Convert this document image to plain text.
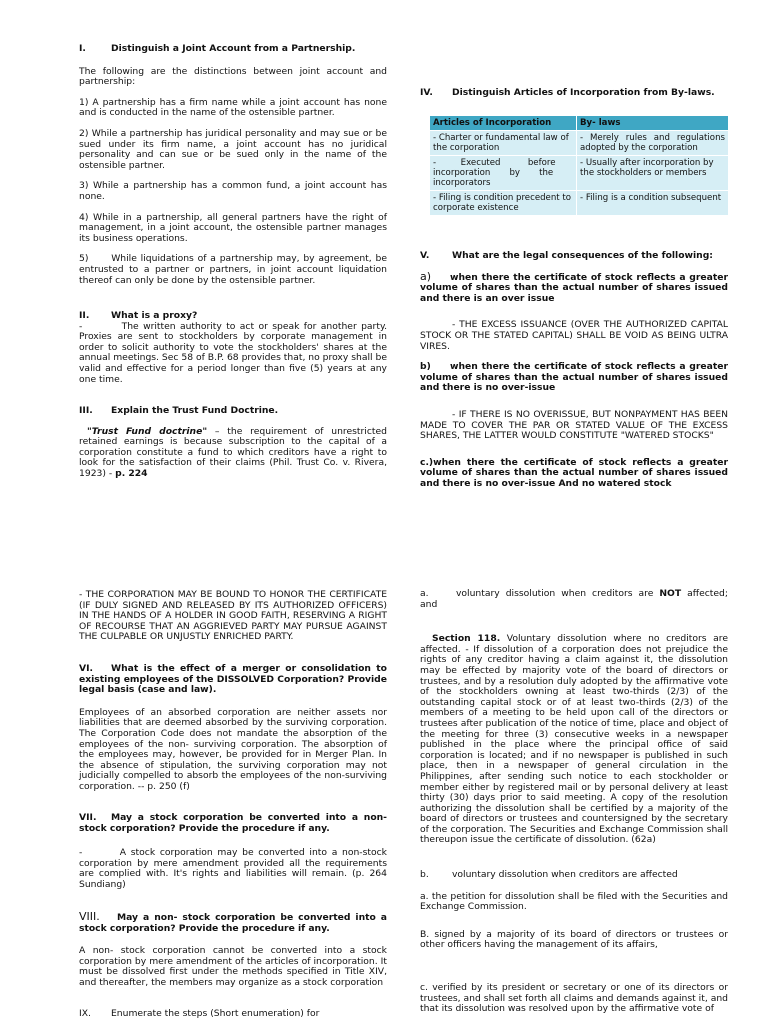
I.	Distinguish a Joint Account from a Partnership.

The following are the distinctions between joint account and partnership:

1) A partnership has a firm name while a joint account has none and is conducted in the name of the ostensible partner.

2) While a partnership has juridical personality and may sue or be sued under its firm name, a joint account has no juridical personality and can sue or be sued only in the name of the ostensible partner.

3) While a partnership has a common fund, a joint account has none.

4) While in a partnership, all general partners have the right of management, in a joint account, the ostensible partner manages its business operations.

5)      While liquidations of a partnership may, by agreement, be entrusted to a partner or partners, in joint account liquidation thereof can only be done by the ostensible partner.

II. What is a proxy?

-         The written authority to act or speak for another party. Proxies are sent to stockholders by corporate management in order to solicit authority to vote the stockholders' shares at the annual meetings. Sec 58 of B.P. 68 provides that, no proxy shall be valid and effective for a period longer than five (5) years at any one time.

III. Explain the Trust Fund Doctrine.

"Trust Fund doctrine" – the requirement of unrestricted retained earnings is because subscription to the capital of a corporation constitute a fund to which creditors have a right to look for the satisfaction of their claims (Phil. Trust Co. v. Rivera, 1923) - p. 224

IV. Distinguish Articles of Incorporation from By-laws.

Articles of Incorporation	By- laws
- Charter or fundamental law of the corporation	- Merely rules and regulations adopted by the corporation
-         Executed          before incorporation       by       the incorporators	- Usually after incorporation by the stockholders or members
- Filing is condition precedent to corporate existence	- Filing is a condition subsequent

V. What are the legal consequences of the following:

a) when there the certificate of stock reflects a greater volume of shares than the actual number of shares issued and there is an over issue

- THE EXCESS ISSUANCE (OVER THE AUTHORIZED CAPITAL STOCK OR THE STATED CAPITAL) SHALL BE VOID AS BEING ULTRA VIRES.

b) when there the certificate of stock reflects a greater volume of shares than the actual number of shares issued and there is no over-issue

- IF THERE IS NO OVERISSUE, BUT NONPAYMENT HAS BEEN MADE TO COVER THE PAR OR STATED VALUE OF THE EXCESS SHARES, THE LATTER WOULD CONSTITUTE "WATERED STOCKS"

c.)when there the certificate of stock reflects a greater volume of shares than the actual number of shares issued and there is no over-issue And no watered stock

- THE CORPORATION MAY BE BOUND TO HONOR THE CERTIFICATE (IF DULY SIGNED AND RELEASED BY ITS AUTHORIZED OFFICERS) IN THE HANDS OF A HOLDER IN GOOD FAITH, RESERVING A RIGHT OF RECOURSE THAT AN AGGRIEVED PARTY MAY PURSUE AGAINST THE CULPABLE OR UNJUSTLY ENRICHED PARTY.

VI. What is the effect of a merger or consolidation to existing employees of the DISSOLVED Corporation? Provide legal basis (case and law).

Employees of an absorbed corporation are neither assets nor liabilities that are deemed absorbed by the surviving corporation. The Corporation Code does not mandate the absorption of the employees of the non- surviving corporation. The absorption of the employees may, however, be provided for in Merger Plan. In the absence of stipulation, the surviving corporation may not judicially compelled to absorb the employees of the non-surviving corporation. -- p. 250 (f)

VII. May a stock corporation be converted into a non-stock corporation? Provide the procedure if any.

-        A stock corporation may be converted into a non-stock corporation by mere amendment provided all the requirements are complied with. It's rights and liabilities will remain. (p. 264 Sundiang)

VIII. May a non- stock corporation be converted into a stock corporation? Provide the procedure if any.

A non- stock corporation cannot be converted into a stock corporation by mere amendment of the articles of incorporation. It must be dissolved first under the methods specified in Title XIV, and thereafter, the members may organize as a stock corporation

IX. Enumerate the steps (Short enumeration) for

a.	voluntary dissolution when creditors are NOT affected; and

Section 118. Voluntary dissolution where no creditors are affected. - If dissolution of a corporation does not prejudice the rights of any creditor having a claim against it, the dissolution may be effected by majority vote of the board of directors or trustees, and by a resolution duly adopted by the affirmative vote of the stockholders owning at least two-thirds (2/3) of the outstanding capital stock or of at least two-thirds (2/3) of the members of a meeting to be held upon call of the directors or trustees after publication of the notice of time, place and object of the meeting for three (3) consecutive weeks in a newspaper published in the place where the principal office of said corporation is located; and if no newspaper is published in such place, then in a newspaper of general circulation in the Philippines, after sending such notice to each stockholder or member either by registered mail or by personal delivery at least thirty (30) days prior to said meeting. A copy of the resolution authorizing the dissolution shall be certified by a majority of the board of directors or trustees and countersigned by the secretary of the corporation. The Securities and Exchange Commission shall thereupon issue the certificate of dissolution. (62a)

b.	voluntary dissolution when creditors are affected

a. the petition for dissolution shall be filed with the Securities and Exchange Commission.

B. signed by a majority of its board of directors or trustees or other officers having the management of its affairs,

c. verified by its president or secretary or one of its directors or trustees, and shall set forth all claims and demands against it, and that its dissolution was resolved upon by the affirmative vote of
